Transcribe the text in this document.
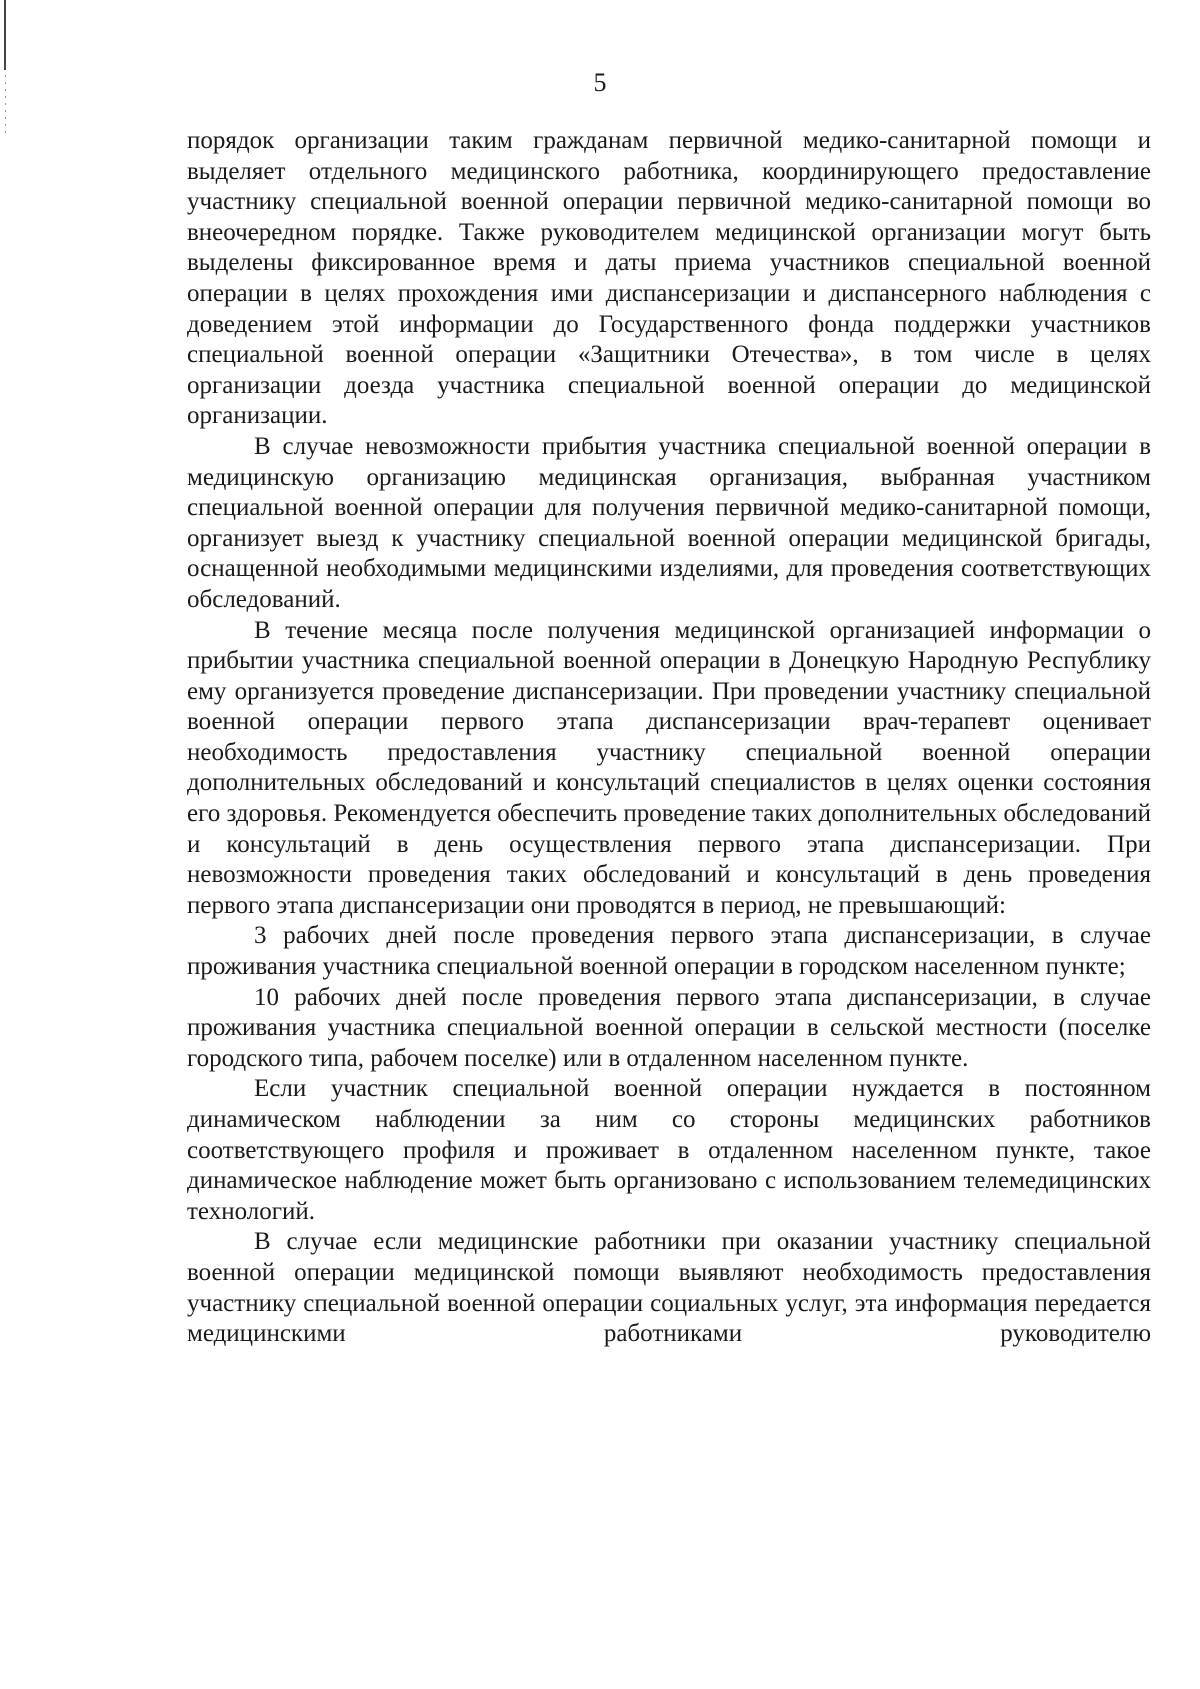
5

порядок организации таким гражданам первичной медико-санитарной помощи и выделяет отдельного медицинского работника, координирующего предоставление участнику специальной военной операции первичной медико-санитарной помощи во внеочередном порядке. Также руководителем медицинской организации могут быть выделены фиксированное время и даты приема участников специальной военной операции в целях прохождения ими диспансеризации и диспансерного наблюдения с доведением этой информации до Государственного фонда поддержки участников специальной военной операции «Защитники Отечества», в том числе в целях организации доезда участника специальной военной операции до медицинской организации.

В случае невозможности прибытия участника специальной военной операции в медицинскую организацию медицинская организация, выбранная участником специальной военной операции для получения первичной медико-санитарной помощи, организует выезд к участнику специальной военной операции медицинской бригады, оснащенной необходимыми медицинскими изделиями, для проведения соответствующих обследований.

В течение месяца после получения медицинской организацией информации о прибытии участника специальной военной операции в Донецкую Народную Республику ему организуется проведение диспансеризации. При проведении участнику специальной военной операции первого этапа диспансеризации врач-терапевт оценивает необходимость предоставления участнику специальной военной операции дополнительных обследований и консультаций специалистов в целях оценки состояния его здоровья. Рекомендуется обеспечить проведение таких дополнительных обследований и консультаций в день осуществления первого этапа диспансеризации. При невозможности проведения таких обследований и консультаций в день проведения первого этапа диспансеризации они проводятся в период, не превышающий:

3 рабочих дней после проведения первого этапа диспансеризации, в случае проживания участника специальной военной операции в городском населенном пункте;

10 рабочих дней после проведения первого этапа диспансеризации, в случае проживания участника специальной военной операции в сельской местности (поселке городского типа, рабочем поселке) или в отдаленном населенном пункте.

Если участник специальной военной операции нуждается в постоянном динамическом наблюдении за ним со стороны медицинских работников соответствующего профиля и проживает в отдаленном населенном пункте, такое динамическое наблюдение может быть организовано с использованием телемедицинских технологий.

В случае если медицинские работники при оказании участнику специальной военной операции медицинской помощи выявляют необходимость предоставления участнику специальной военной операции социальных услуг, эта информация передается медицинскими работниками руководителю
